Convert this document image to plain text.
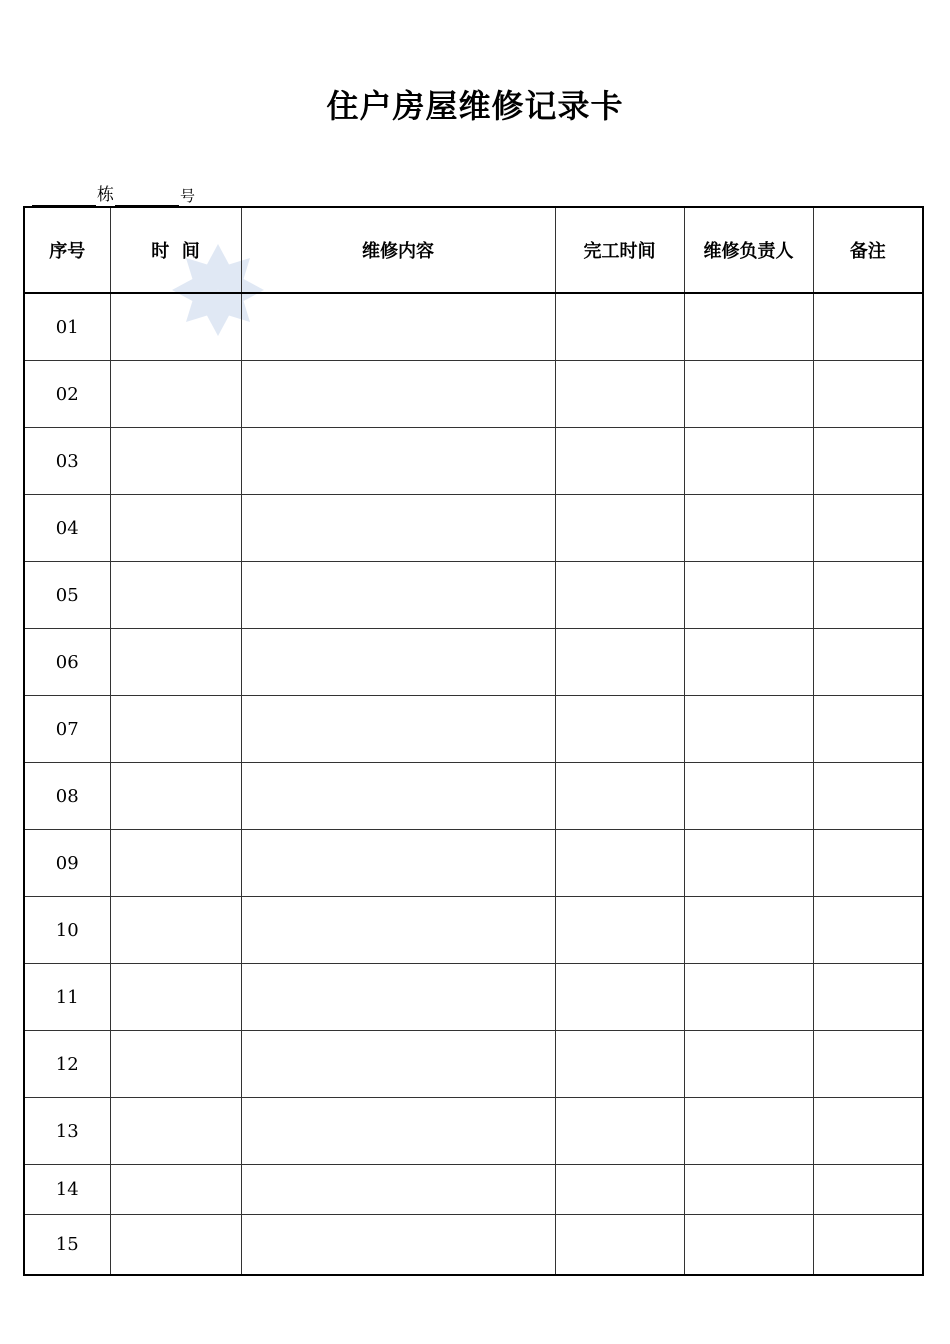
住户房屋维修记录卡
栋	号
序号	时  间	维修内容	完工时间	维修负责人	备注
01					
02					
03					
04					
05					
06					
07					
08					
09					
10					
11					
12					
13					
14					
15					
